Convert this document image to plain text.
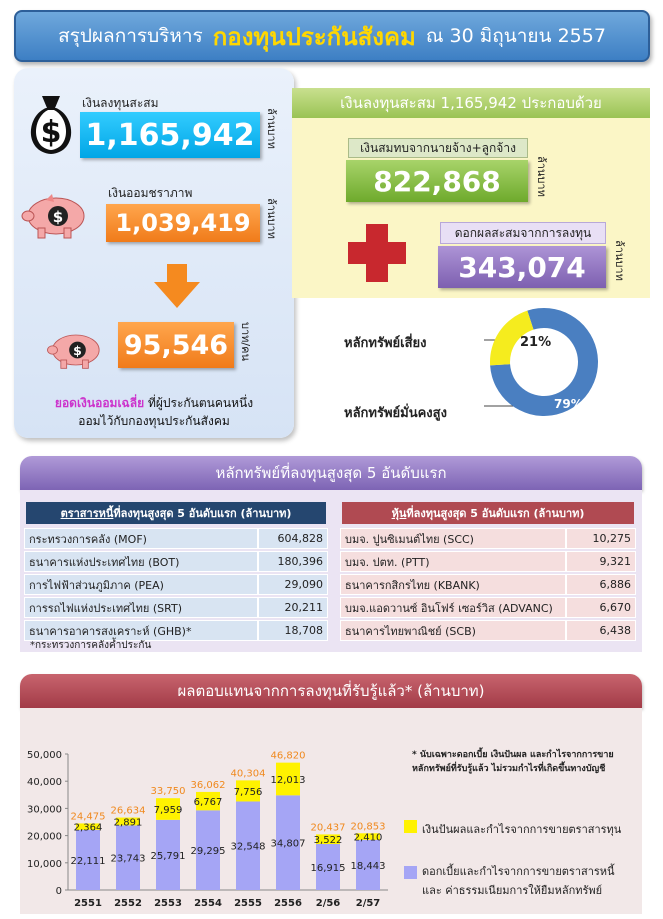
สรุปผลการบริหาร กองทุนประกันสังคม ณ 30 มิถุนายน 2557
$
เงินลงทุนสะสม
1,165,942 ล้านบาท
$
เงินออมชราภาพ
1,039,419	ล้านบาท
$ 95,546 บาท/คน
ยอดเงินออมเฉลี่ย ที่ผู้ประกันตนคนหนึ่ง
ออมไว้กับกองทุนประกันสังคม
เงินลงทุนสะสม 1,165,942 ประกอบด้วย
เงินสมทบจากนายจ้าง+ลูกจ้าง
822,868	ล้านบาท
ดอกผลสะสมจากการลงทุน
343,074	ล้านบาท
หลักทรัพย์เสี่ยง
หลักทรัพย์มั่นคงสูง
21%
79%
หลักทรัพย์ที่ลงทุนสูงสุด 5 อันดับแรก
ตราสารหนี้ ที่ลงทุนสูงสุด 5 อันดับแรก (ล้านบาท)
กระทรวงการคลัง (MOF)	604,828
ธนาคารแห่งประเทศไทย (BOT)	180,396
การไฟฟ้าส่วนภูมิภาค (PEA)	29,090
การรถไฟแห่งประเทศไทย (SRT)	20,211
ธนาคารอาคารสงเคราะห์ (GHB)*	18,708
*กระทรวงการคลังค้ำประกัน
หุ้น ที่ลงทุนสูงสุด 5 อันดับแรก (ล้านบาท)
บมจ. ปูนซิเมนต์ไทย (SCC)	10,275
บมจ. ปตท. (PTT)	9,321
ธนาคารกสิกรไทย (KBANK)	6,886
บมจ.แอดวานซ์ อินโฟร์ เซอร์วิส (ADVANC)	6,670
ธนาคารไทยพาณิชย์ (SCB)	6,438
ผลตอบแทนจากการลงทุนที่รับรู้แล้ว* (ล้านบาท)
0
10,000
20,000
30,000
40,000
50,000
22,111
2,364
24,475
2551
23,743
2,891
26,634
2552
25,791
7,959
33,750
2553
29,295
6,767
36,062
2554
32,548
7,756
40,304
2555
34,807
12,013
46,820
2556
16,915
3,522
20,437
2/56
18,443
2,410
20,853
2/57
* นับเฉพาะดอกเบี้ย เงินปันผล และกำไรจากการขาย
หลักทรัพย์ที่รับรู้แล้ว ไม่รวมกำไรที่เกิดขึ้นทางบัญชี
เงินปันผลและกำไรจากการขายตราสารทุน
ดอกเบี้ยและกำไรจากการขายตราสารหนี้
และ ค่าธรรมเนียมการให้ยืมหลักทรัพย์
